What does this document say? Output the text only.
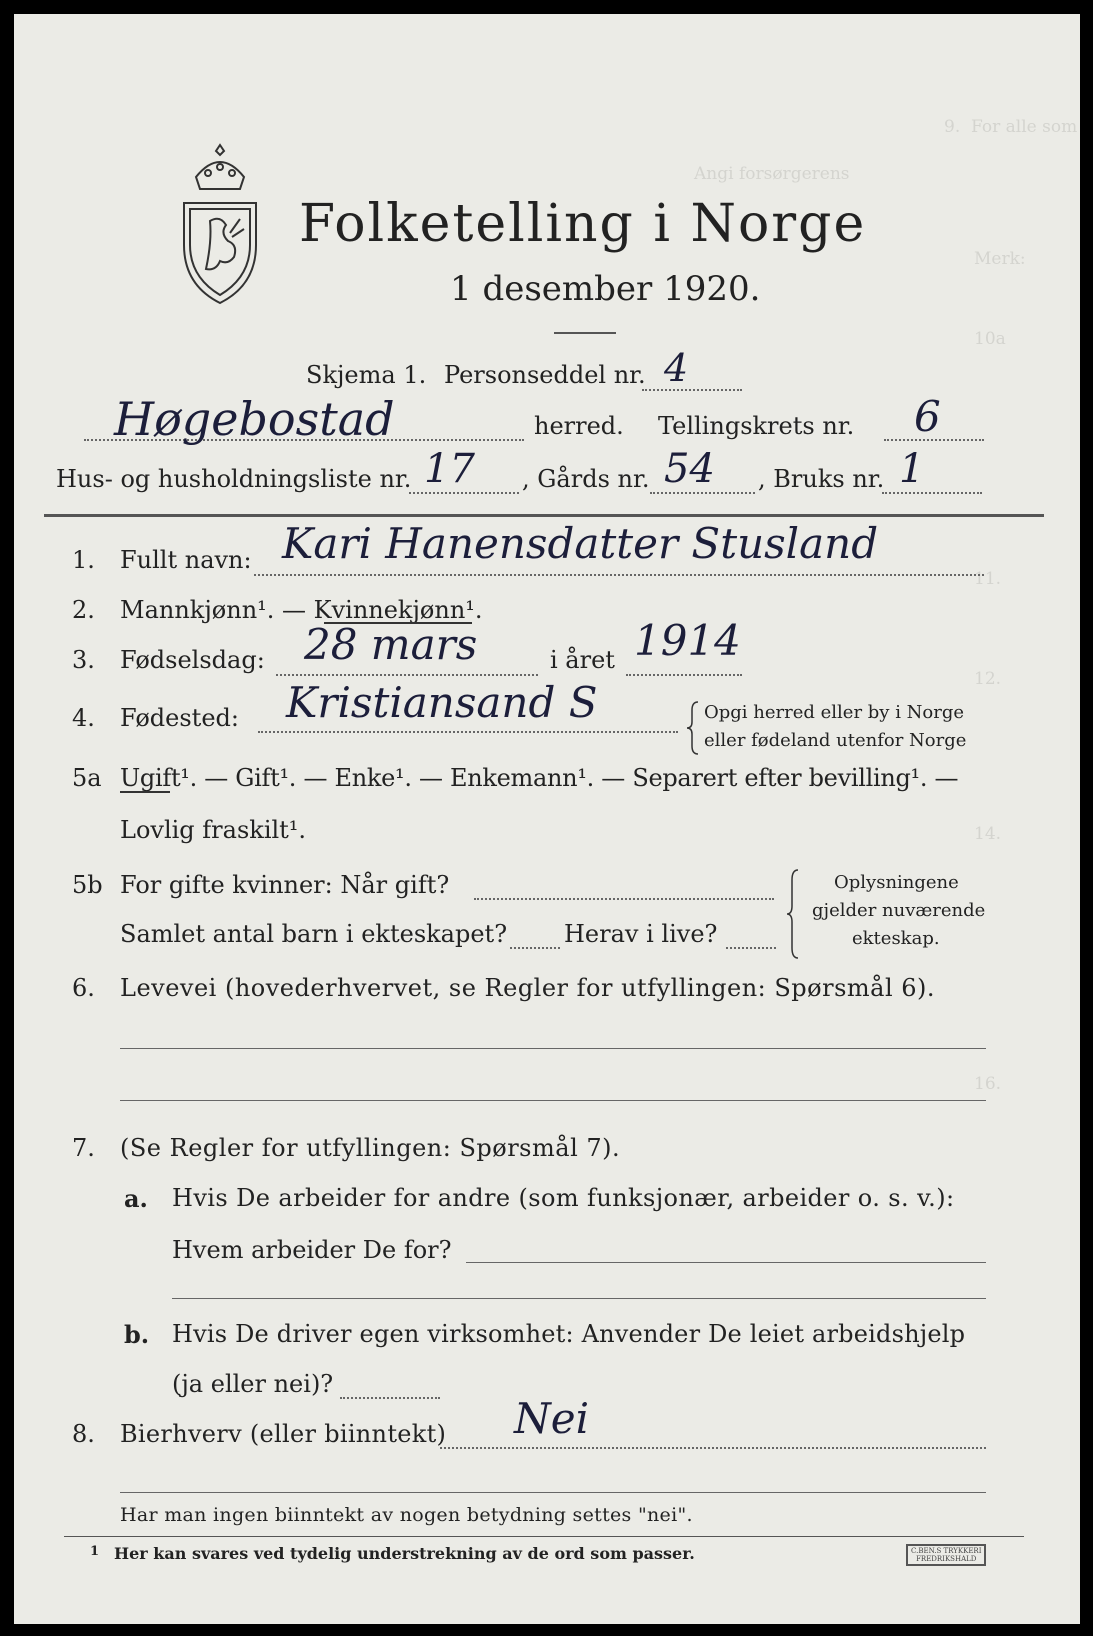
9.  For alle som
Angi forsørgerens
Merk:
10a
11.
12.
14.
16.
Folketelling i Norge
1 desember 1920.
Skjema 1. Personseddel nr. 4
Høgebostad	herred. Tellingskrets nr. 6
Hus- og husholdningsliste nr. 17 , Gårds nr. 54 , Bruks nr. 1
1. Fullt navn: Kari Hanensdatter Stusland
2. Mannkjønn¹. — Kvinnekjønn¹.
3. Fødselsdag: 28 mars	i året 1914
4. Fødested: Kristiansand S	Opgi herred eller by i Norge
eller fødeland utenfor Norge
5a Ugift¹. — Gift¹. — Enke¹. — Enkemann¹. — Separert efter bevilling¹. —
Lovlig fraskilt¹.
5b For gifte kvinner: Når gift?
Samlet antal barn i ekteskapet? Herav i live?
Oplysningene
gjelder nuværende
ekteskap.
6. Levevei (hovederhvervet, se Regler for utfyllingen: Spørsmål 6).
7. (Se Regler for utfyllingen: Spørsmål 7).
a. Hvis De arbeider for andre (som funksjonær, arbeider o. s. v.):
Hvem arbeider De for?
b. Hvis De driver egen virksomhet: Anvender De leiet arbeidshjelp
(ja eller nei)?
8. Bierhverv (eller biinntekt) Nei
Har man ingen biinntekt av nogen betydning settes "nei".
1 Her kan svares ved tydelig understrekning av de ord som passer.	C.BEN.S TRYKKERI
FREDRIKSHALD
